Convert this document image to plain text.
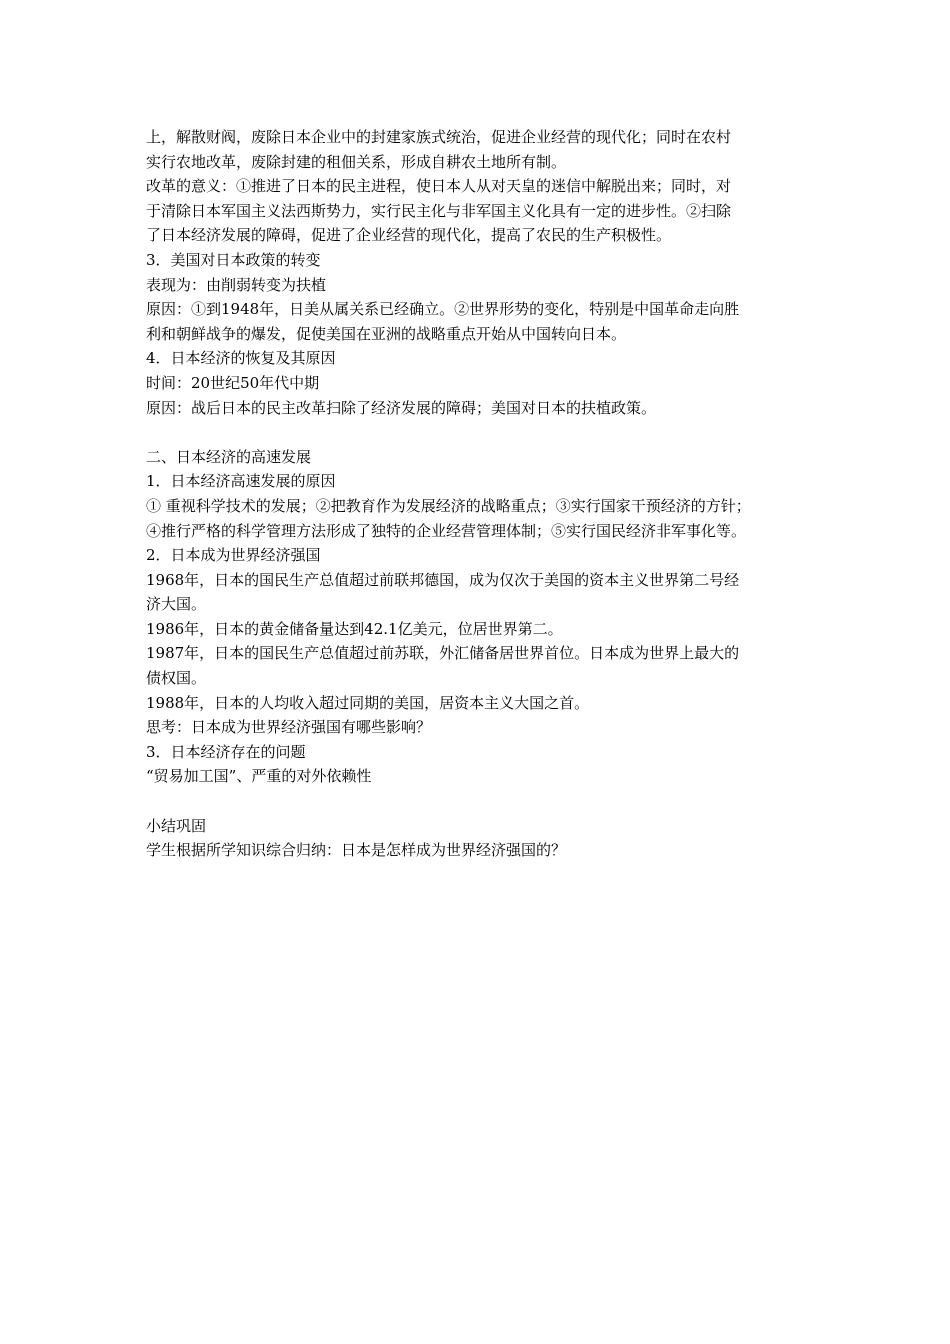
上，解散财阀，废除日本企业中的封建家族式统治，促进企业经营的现代化；同时在农村
实行农地改革，废除封建的租佃关系，形成自耕农土地所有制。
改革的意义：①推进了日本的民主进程，使日本人从对天皇的迷信中解脱出来；同时，对
于清除日本军国主义法西斯势力，实行民主化与非军国主义化具有一定的进步性。②扫除
了日本经济发展的障碍，促进了企业经营的现代化，提高了农民的生产积极性。
3．美国对日本政策的转变
表现为：由削弱转变为扶植
原因：①到1948年，日美从属关系已经确立。②世界形势的变化，特别是中国革命走向胜
利和朝鲜战争的爆发，促使美国在亚洲的战略重点开始从中国转向日本。
4．日本经济的恢复及其原因
时间：20世纪50年代中期
原因：战后日本的民主改革扫除了经济发展的障碍；美国对日本的扶植政策。
二、日本经济的高速发展
1．日本经济高速发展的原因
① 重视科学技术的发展；②把教育作为发展经济的战略重点；③实行国家干预经济的方针；
④推行严格的科学管理方法形成了独特的企业经营管理体制；⑤实行国民经济非军事化等。
2．日本成为世界经济强国
1968年，日本的国民生产总值超过前联邦德国，成为仅次于美国的资本主义世界第二号经
济大国。
1986年，日本的黄金储备量达到42.1亿美元，位居世界第二。
1987年，日本的国民生产总值超过前苏联，外汇储备居世界首位。日本成为世界上最大的
债权国。
1988年，日本的人均收入超过同期的美国，居资本主义大国之首。
思考：日本成为世界经济强国有哪些影响？
3．日本经济存在的问题
“贸易加工国”、严重的对外依赖性
小结巩固
学生根据所学知识综合归纳：日本是怎样成为世界经济强国的？
